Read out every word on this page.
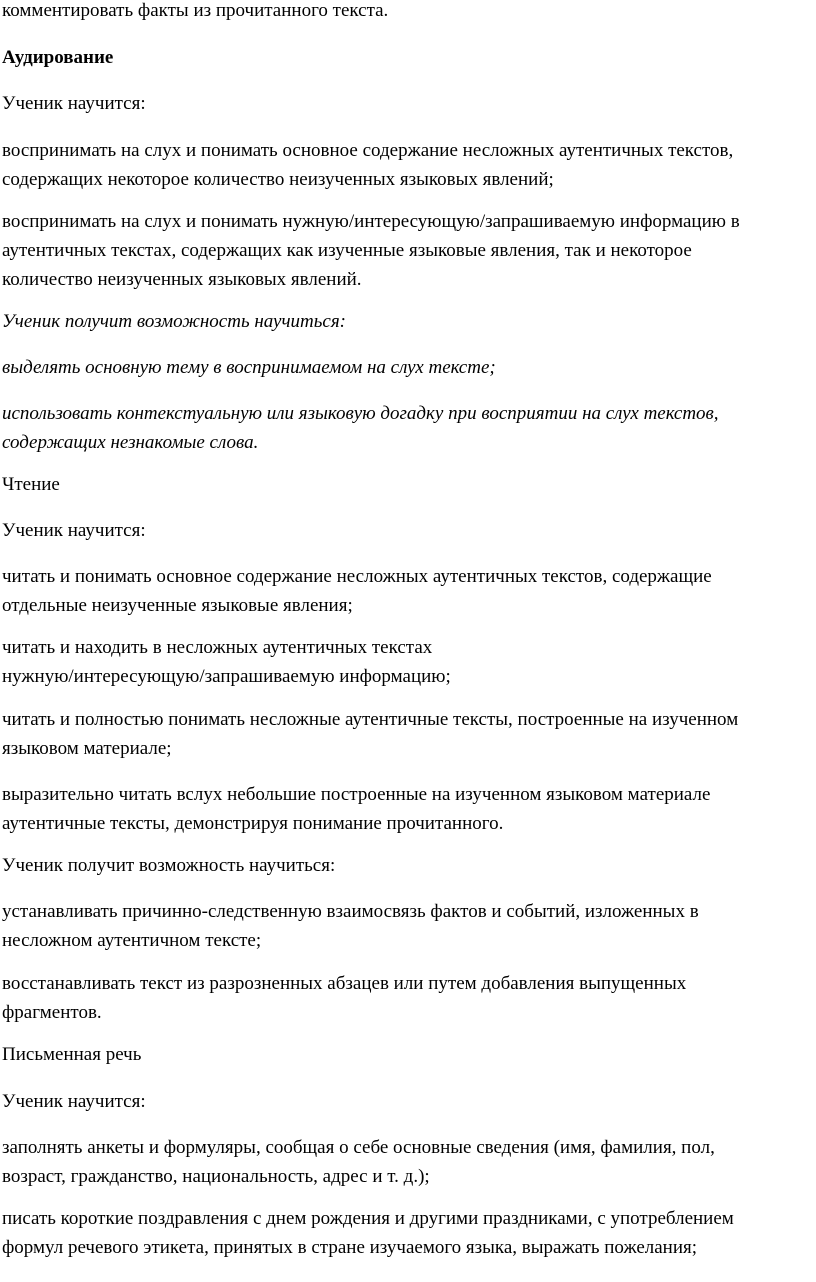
комментировать факты из прочитанного текста.

Аудирование

Ученик научится:

воспринимать на слух и понимать основное содержание несложных аутентичных текстов,
содержащих некоторое количество неизученных языковых явлений;

воспринимать на слух и понимать нужную/интересующую/запрашиваемую информацию в
аутентичных текстах, содержащих как изученные языковые явления, так и некоторое
количество неизученных языковых явлений.

Ученик получит возможность научиться:

выделять основную тему в воспринимаемом на слух тексте;

использовать контекстуальную или языковую догадку при восприятии на слух текстов,
содержащих незнакомые слова.

Чтение

Ученик научится:

читать и понимать основное содержание несложных аутентичных текстов, содержащие
отдельные неизученные языковые явления;

читать и находить в несложных аутентичных текстах
нужную/интересующую/запрашиваемую информацию;

читать и полностью понимать несложные аутентичные тексты, построенные на изученном
языковом материале;

выразительно читать вслух небольшие построенные на изученном языковом материале
аутентичные тексты, демонстрируя понимание прочитанного.

Ученик получит возможность научиться:

устанавливать причинно-следственную взаимосвязь фактов и событий, изложенных в
несложном аутентичном тексте;

восстанавливать текст из разрозненных абзацев или путем добавления выпущенных
фрагментов.

Письменная речь

Ученик научится:

заполнять анкеты и формуляры, сообщая о себе основные сведения (имя, фамилия, пол,
возраст, гражданство, национальность, адрес и т. д.);

писать короткие поздравления с днем рождения и другими праздниками, с употреблением
формул речевого этикета, принятых в стране изучаемого языка, выражать пожелания;
